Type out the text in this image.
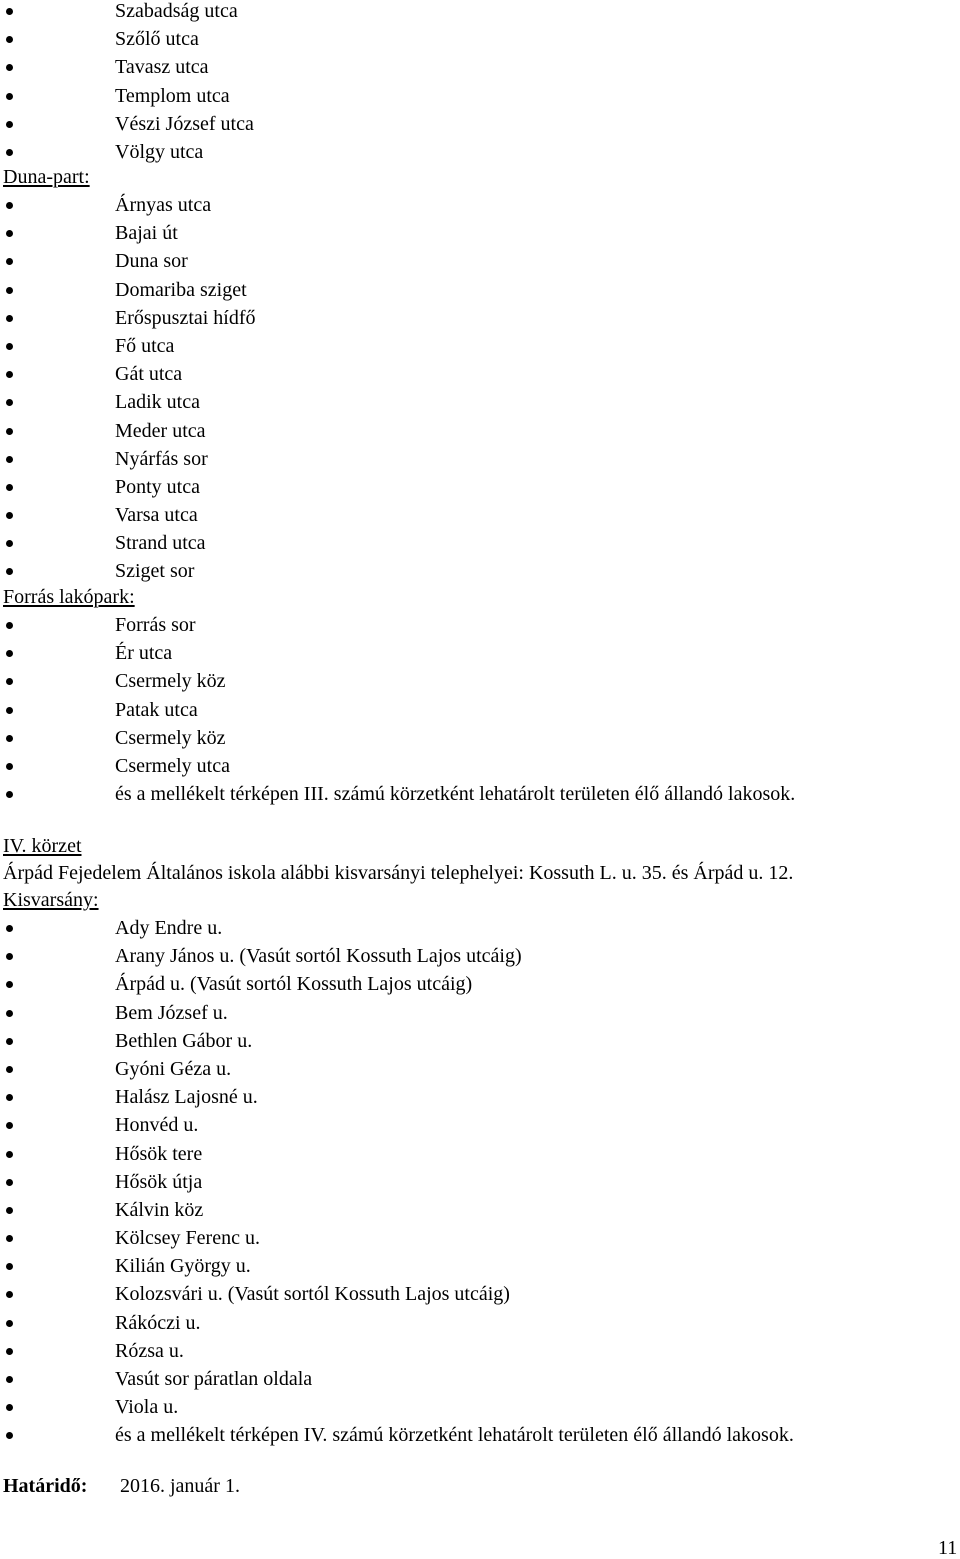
Szabadság utca
Szőlő utca
Tavasz utca
Templom utca
Vészi József utca
Völgy utca
Duna-part:
Árnyas utca
Bajai út
Duna sor
Domariba sziget
Erőspusztai hídfő
Fő utca
Gát utca
Ladik utca
Meder utca
Nyárfás sor
Ponty utca
Varsa utca
Strand utca
Sziget sor
Forrás lakópark:
Forrás sor
Ér utca
Csermely köz
Patak utca
Csermely köz
Csermely utca
és a mellékelt térképen III. számú körzetként lehatárolt területen élő állandó lakosok.
IV. körzet
Árpád Fejedelem Általános iskola alábbi kisvarsányi telephelyei: Kossuth L. u. 35. és Árpád u. 12.
Kisvarsány:
Ady Endre u.
Arany János u. (Vasút sortól Kossuth Lajos utcáig)
Árpád u. (Vasút sortól Kossuth Lajos utcáig)
Bem József u.
Bethlen Gábor u.
Gyóni Géza u.
Halász Lajosné u.
Honvéd u.
Hősök tere
Hősök útja
Kálvin köz
Kölcsey Ferenc u.
Kilián György u.
Kolozsvári u. (Vasút sortól Kossuth Lajos utcáig)
Rákóczi u.
Rózsa u.
Vasút sor páratlan oldala
Viola u.
és a mellékelt térképen IV. számú körzetként lehatárolt területen élő állandó lakosok.
Határidő: 2016. január 1.
11
